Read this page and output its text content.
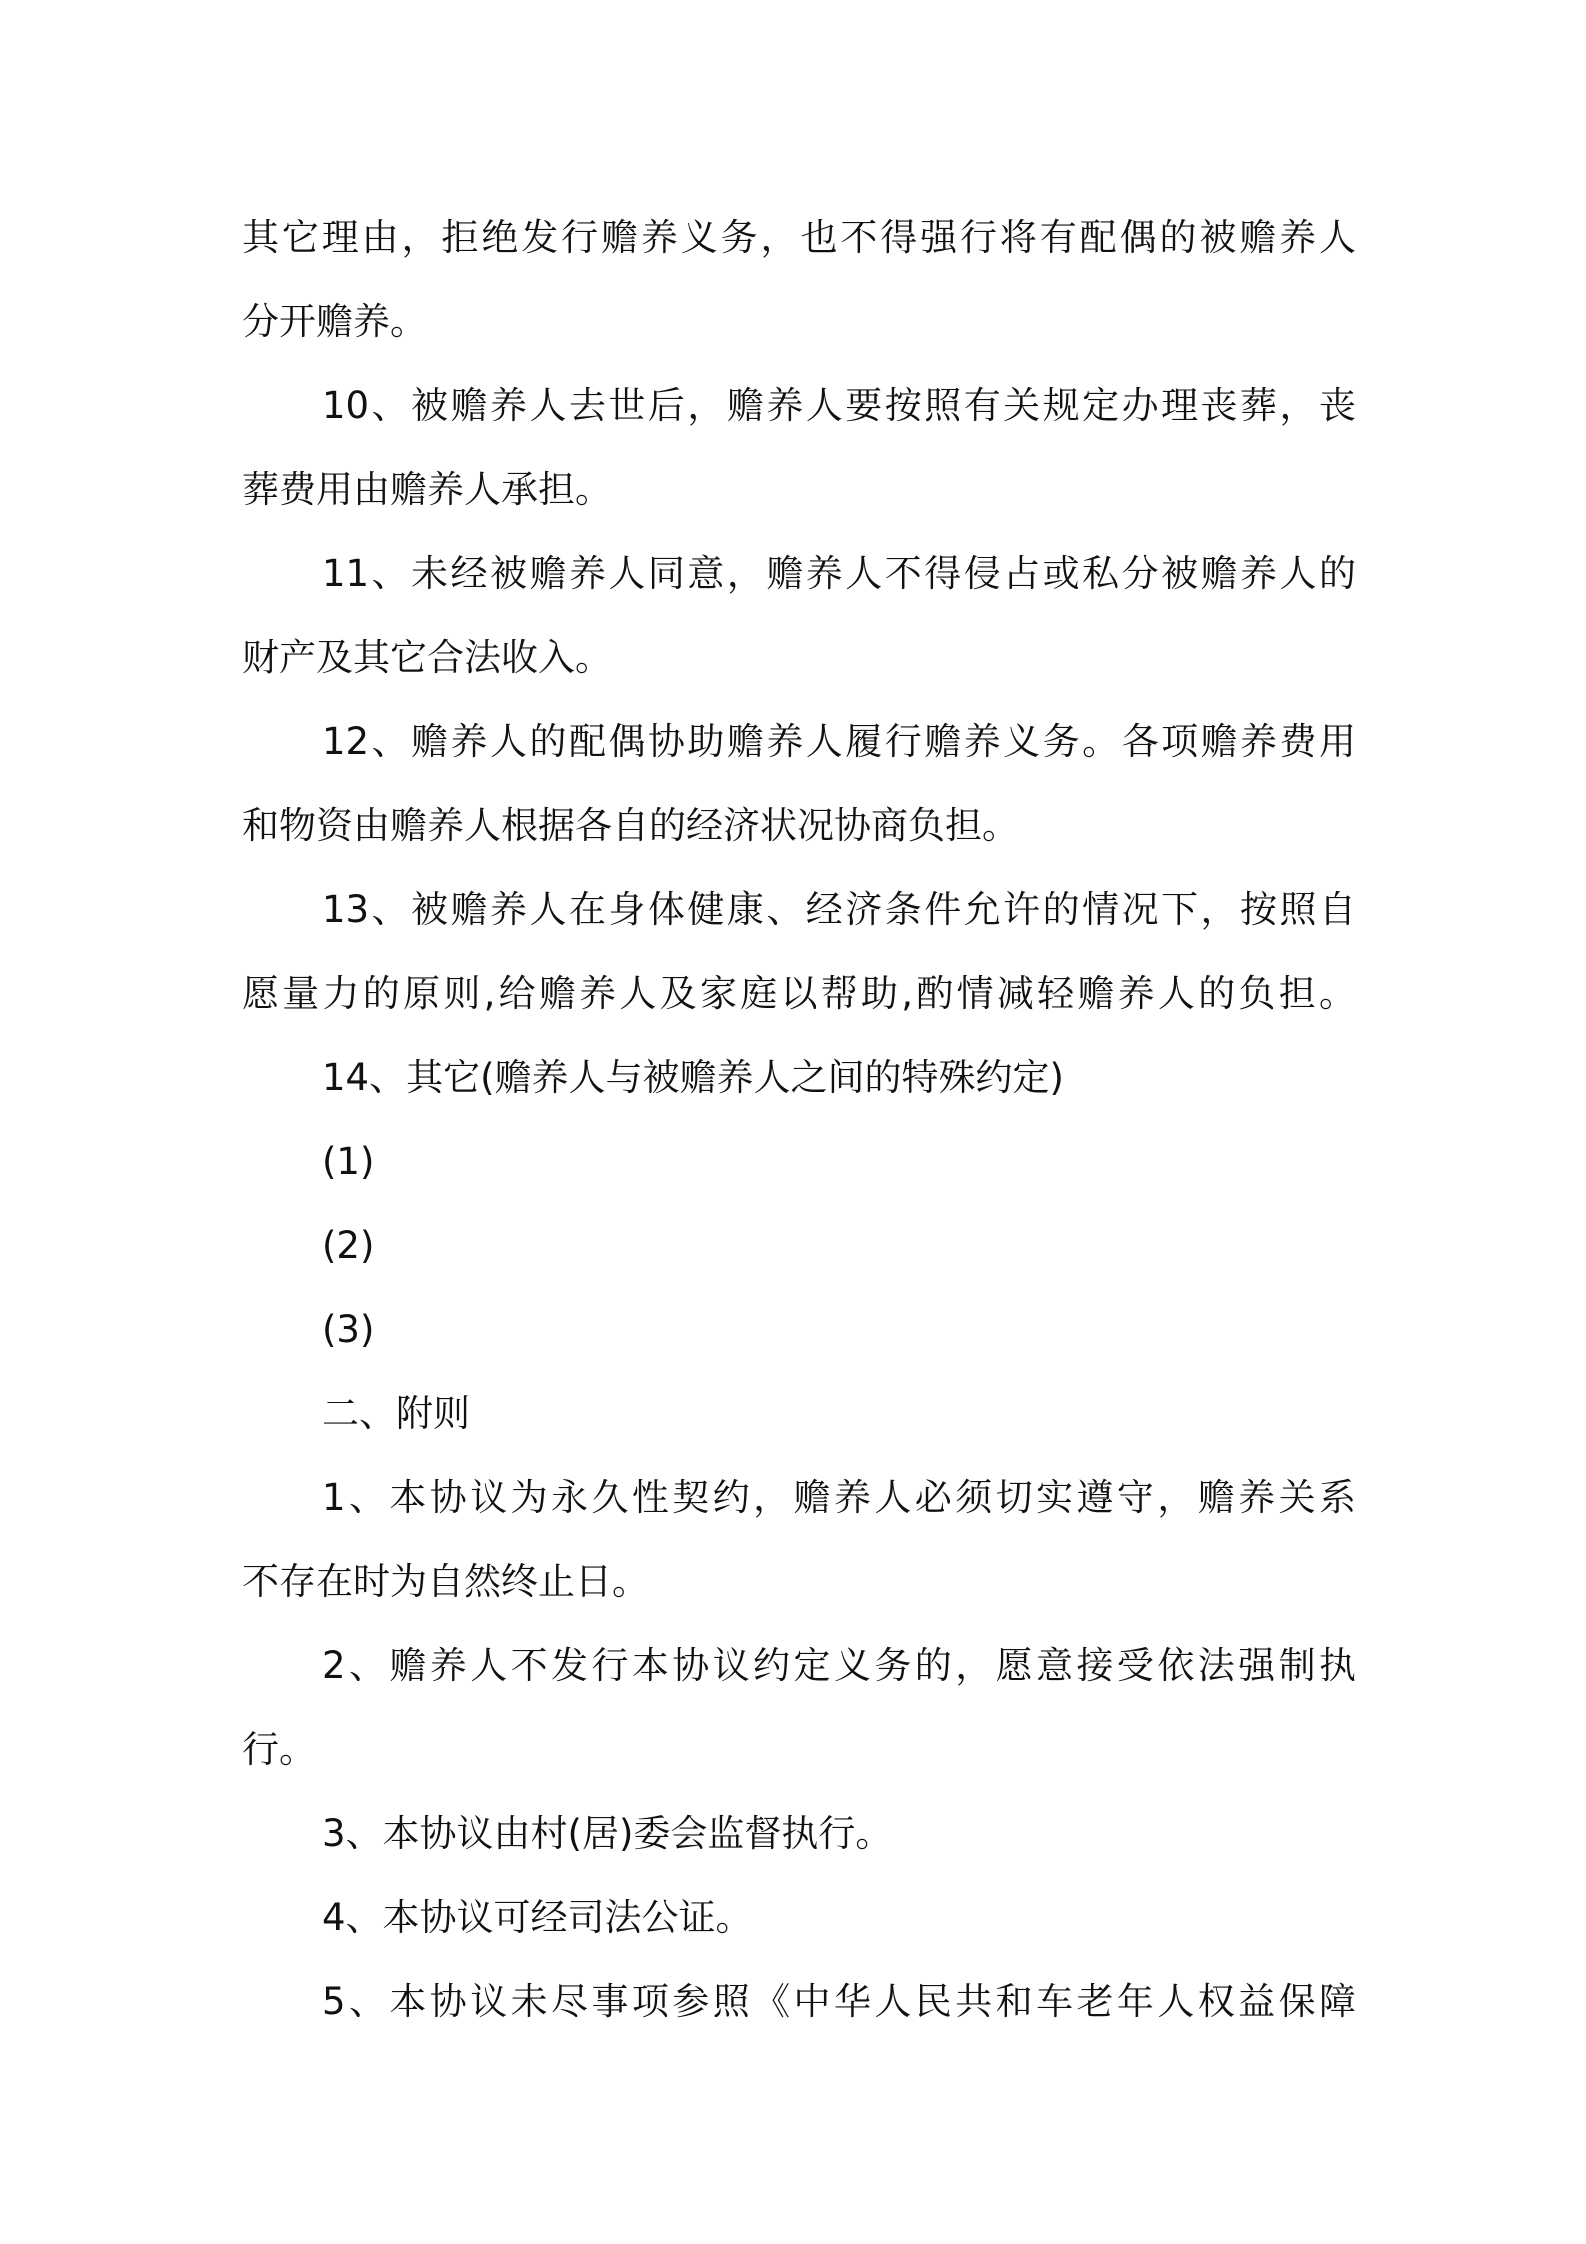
其它理由，拒绝发行赡养义务，也不得强行将有配偶的被赡养人
分开赡养。
10、被赡养人去世后，赡养人要按照有关规定办理丧葬，丧
葬费用由赡养人承担。
11、未经被赡养人同意，赡养人不得侵占或私分被赡养人的
财产及其它合法收入。
12、赡养人的配偶协助赡养人履行赡养义务。各项赡养费用
和物资由赡养人根据各自的经济状况协商负担。
13、被赡养人在身体健康、经济条件允许的情况下，按照自
愿量力的原则,给赡养人及家庭以帮助,酌情减轻赡养人的负担。
14、其它(赡养人与被赡养人之间的特殊约定)
(1)
(2)
(3)
二、附则
1、本协议为永久性契约，赡养人必须切实遵守，赡养关系
不存在时为自然终止日。
2、赡养人不发行本协议约定义务的，愿意接受依法强制执
行。
3、本协议由村(居)委会监督执行。
4、本协议可经司法公证。
5、本协议未尽事项参照《中华人民共和车老年人权益保障
